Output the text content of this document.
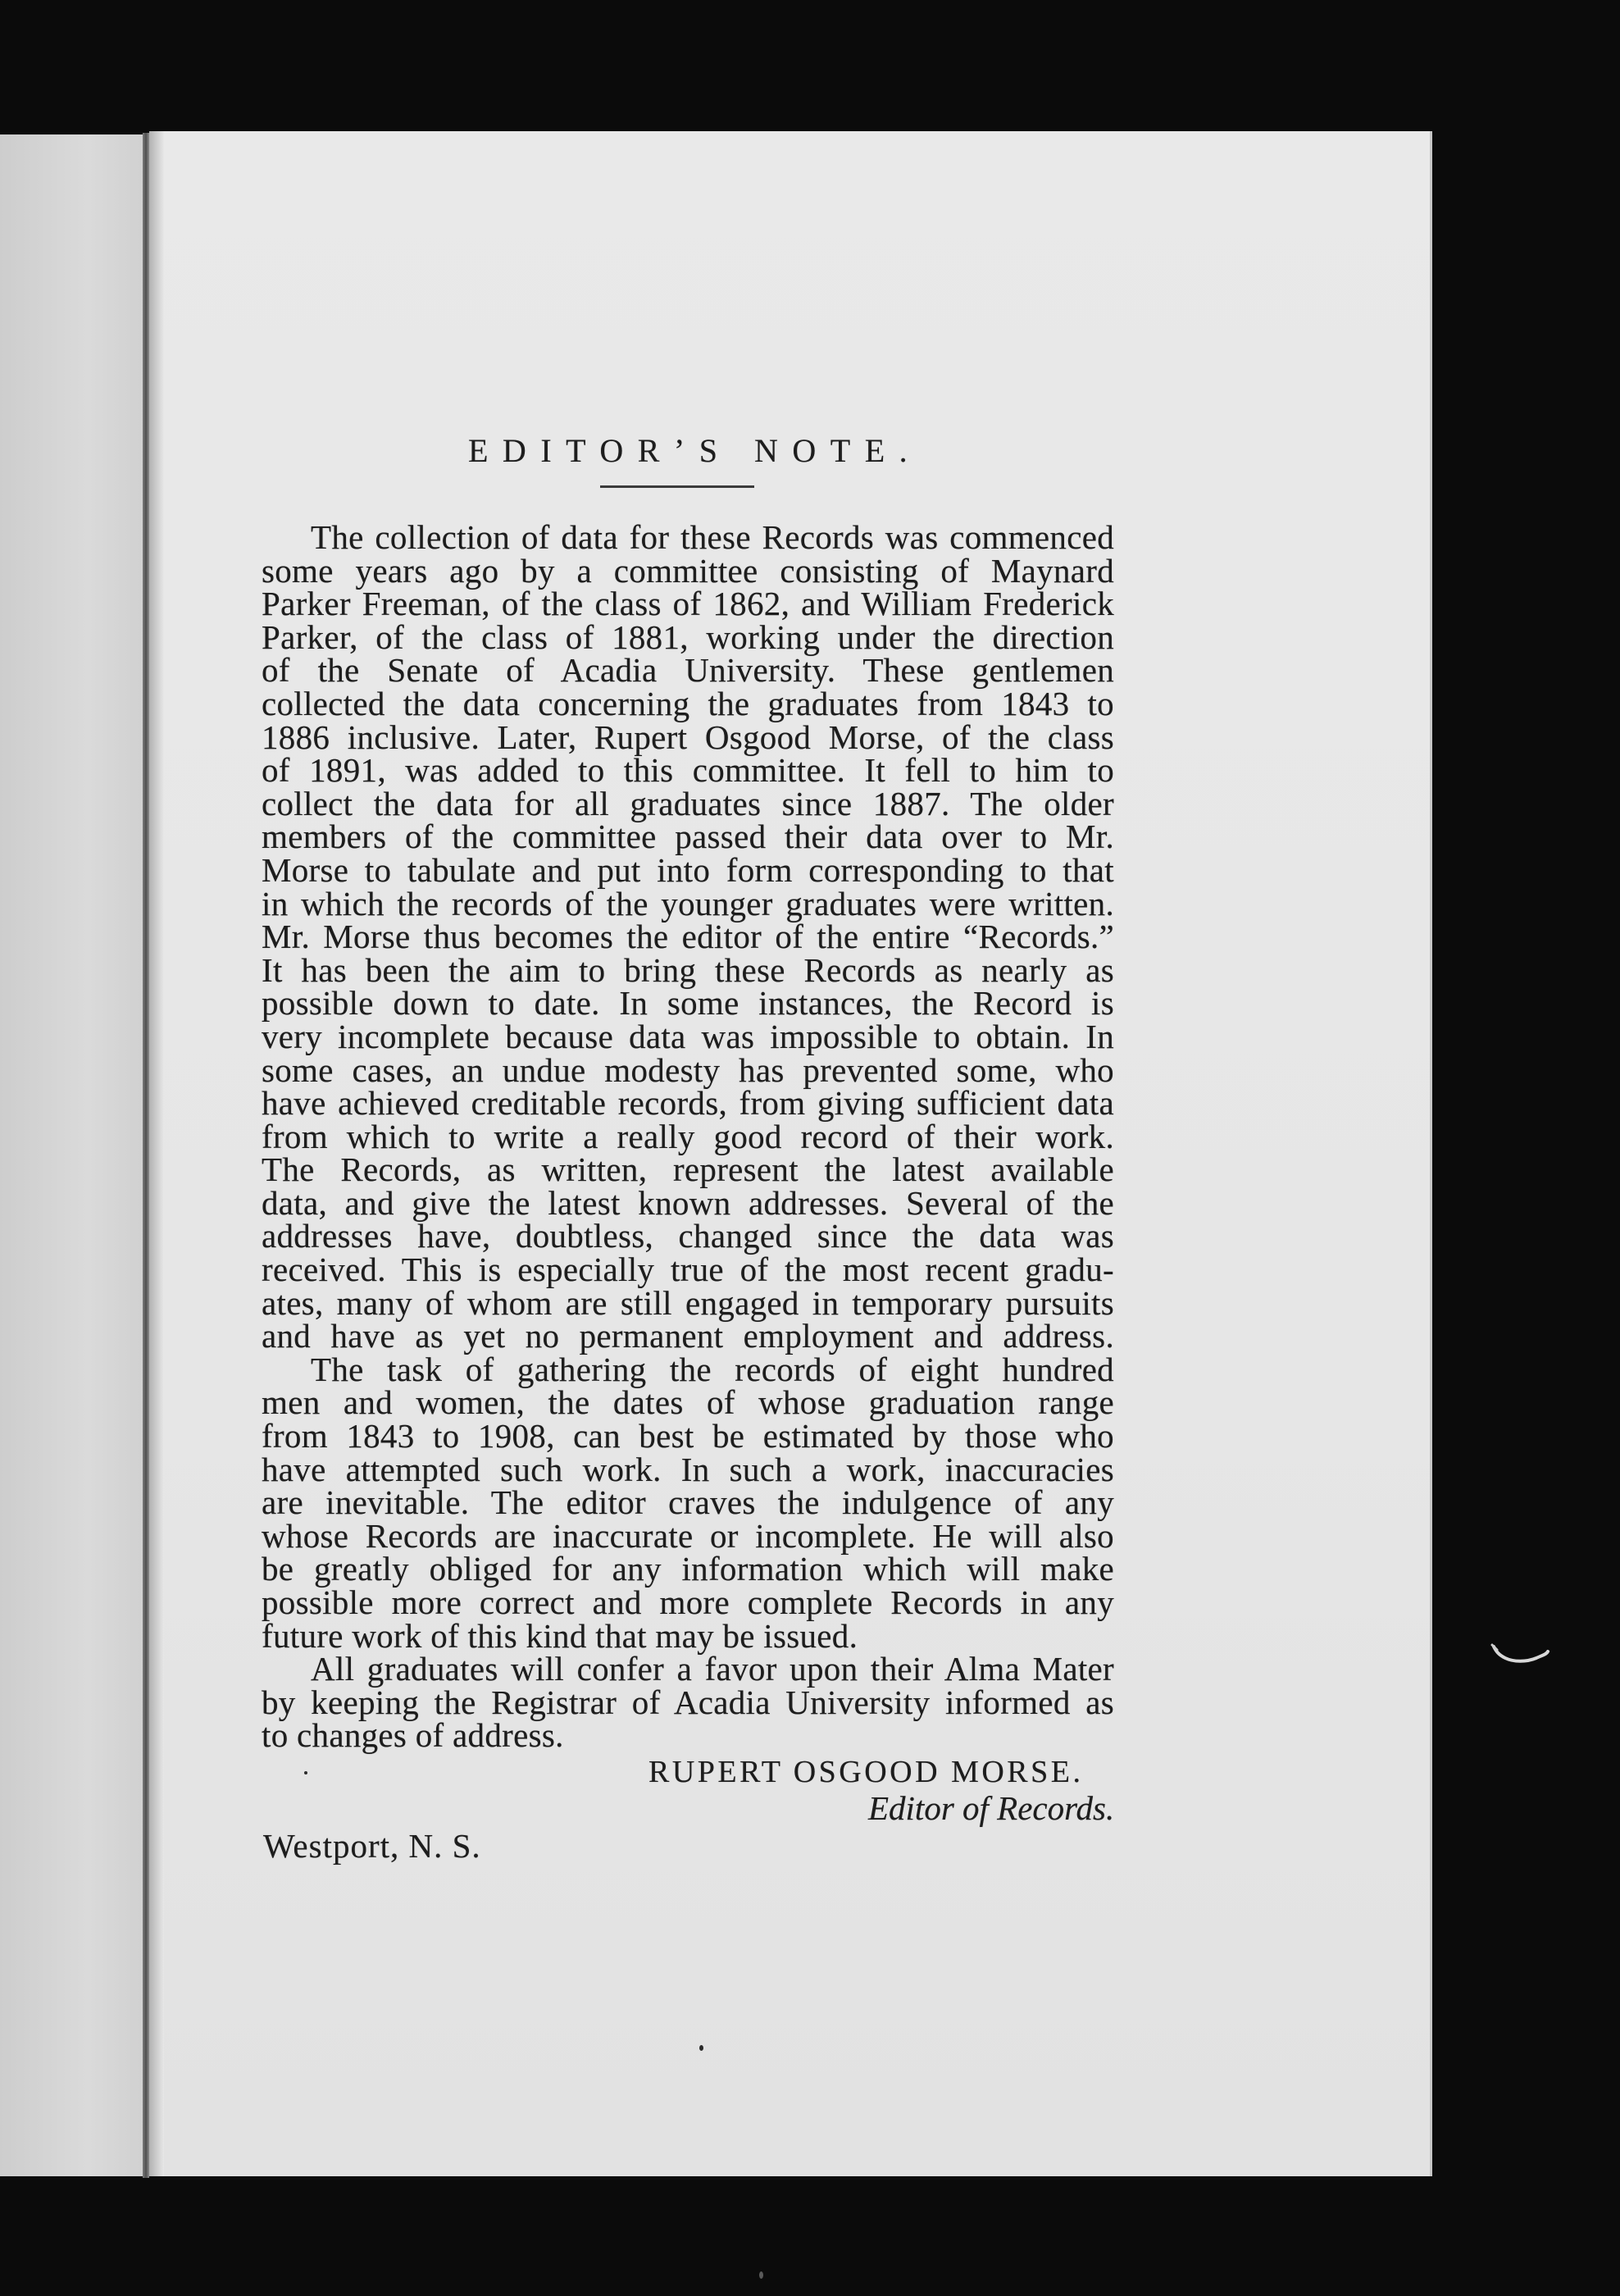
EDITOR’S NOTE.
The collection of data for these Records was commenced
some years ago by a committee consisting of Maynard
Parker Freeman, of the class of 1862, and William Frederick
Parker, of the class of 1881, working under the direction
of the Senate of Acadia University. These gentlemen
collected the data concerning the graduates from 1843 to
1886 inclusive. Later, Rupert Osgood Morse, of the class
of 1891, was added to this committee. It fell to him to
collect the data for all graduates since 1887. The older
members of the committee passed their data over to Mr.
Morse to tabulate and put into form corresponding to that
in which the records of the younger graduates were written.
Mr. Morse thus becomes the editor of the entire “Records.”
It has been the aim to bring these Records as nearly as
possible down to date. In some instances, the Record is
very incomplete because data was impossible to obtain. In
some cases, an undue modesty has prevented some, who
have achieved creditable records, from giving sufficient data
from which to write a really good record of their work.
The Records, as written, represent the latest available
data, and give the latest known addresses. Several of the
addresses have, doubtless, changed since the data was
received. This is especially true of the most recent gradu-
ates, many of whom are still engaged in temporary pursuits
and have as yet no permanent employment and address.
The task of gathering the records of eight hundred
men and women, the dates of whose graduation range
from 1843 to 1908, can best be estimated by those who
have attempted such work. In such a work, inaccuracies
are inevitable. The editor craves the indulgence of any
whose Records are inaccurate or incomplete. He will also
be greatly obliged for any information which will make
possible more correct and more complete Records in any
future work of this kind that may be issued.
All graduates will confer a favor upon their Alma Mater
by keeping the Registrar of Acadia University informed as
to changes of address.
RUPERT OSGOOD MORSE.
Editor of Records.
Westport, N. S.
